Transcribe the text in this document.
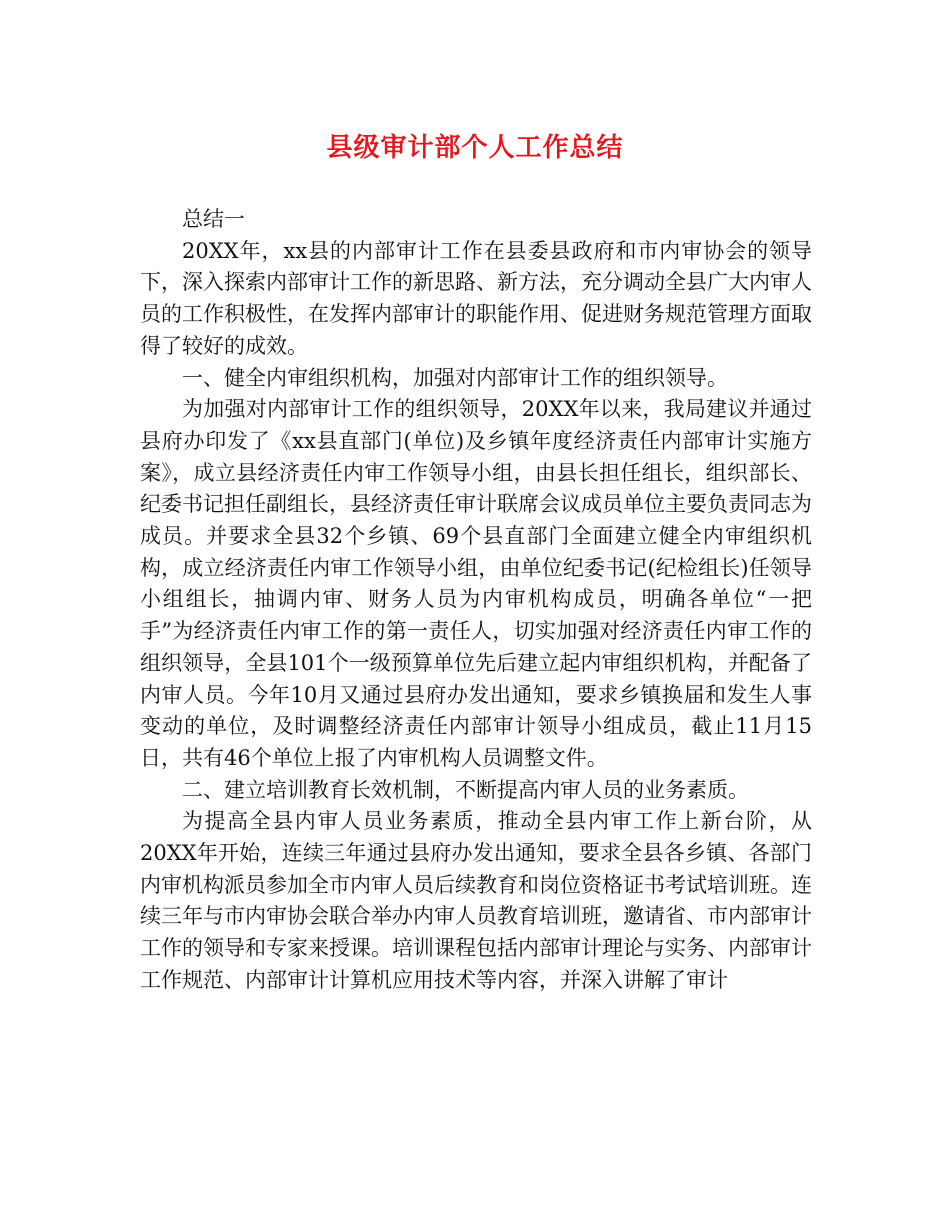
县级审计部个人工作总结

总结一

20XX年，xx县的内部审计工作在县委县政府和市内审协会的领导下，深入探索内部审计工作的新思路、新方法，充分调动全县广大内审人员的工作积极性，在发挥内部审计的职能作用、促进财务规范管理方面取得了较好的成效。

一、健全内审组织机构，加强对内部审计工作的组织领导。

为加强对内部审计工作的组织领导，20XX年以来，我局建议并通过县府办印发了《xx县直部门(单位)及乡镇年度经济责任内部审计实施方案》，成立县经济责任内审工作领导小组，由县长担任组长，组织部长、纪委书记担任副组长，县经济责任审计联席会议成员单位主要负责同志为成员。并要求全县32个乡镇、69个县直部门全面建立健全内审组织机构，成立经济责任内审工作领导小组，由单位纪委书记(纪检组长)任领导小组组长，抽调内审、财务人员为内审机构成员，明确各单位“一把手”为经济责任内审工作的第一责任人，切实加强对经济责任内审工作的组织领导，全县101个一级预算单位先后建立起内审组织机构，并配备了内审人员。今年10月又通过县府办发出通知，要求乡镇换届和发生人事变动的单位，及时调整经济责任内部审计领导小组成员，截止11月15日，共有46个单位上报了内审机构人员调整文件。

二、建立培训教育长效机制，不断提高内审人员的业务素质。

为提高全县内审人员业务素质，推动全县内审工作上新台阶，从20XX年开始，连续三年通过县府办发出通知，要求全县各乡镇、各部门内审机构派员参加全市内审人员后续教育和岗位资格证书考试培训班。连续三年与市内审协会联合举办内审人员教育培训班，邀请省、市内部审计工作的领导和专家来授课。培训课程包括内部审计理论与实务、内部审计工作规范、内部审计计算机应用技术等内容，并深入讲解了审计
